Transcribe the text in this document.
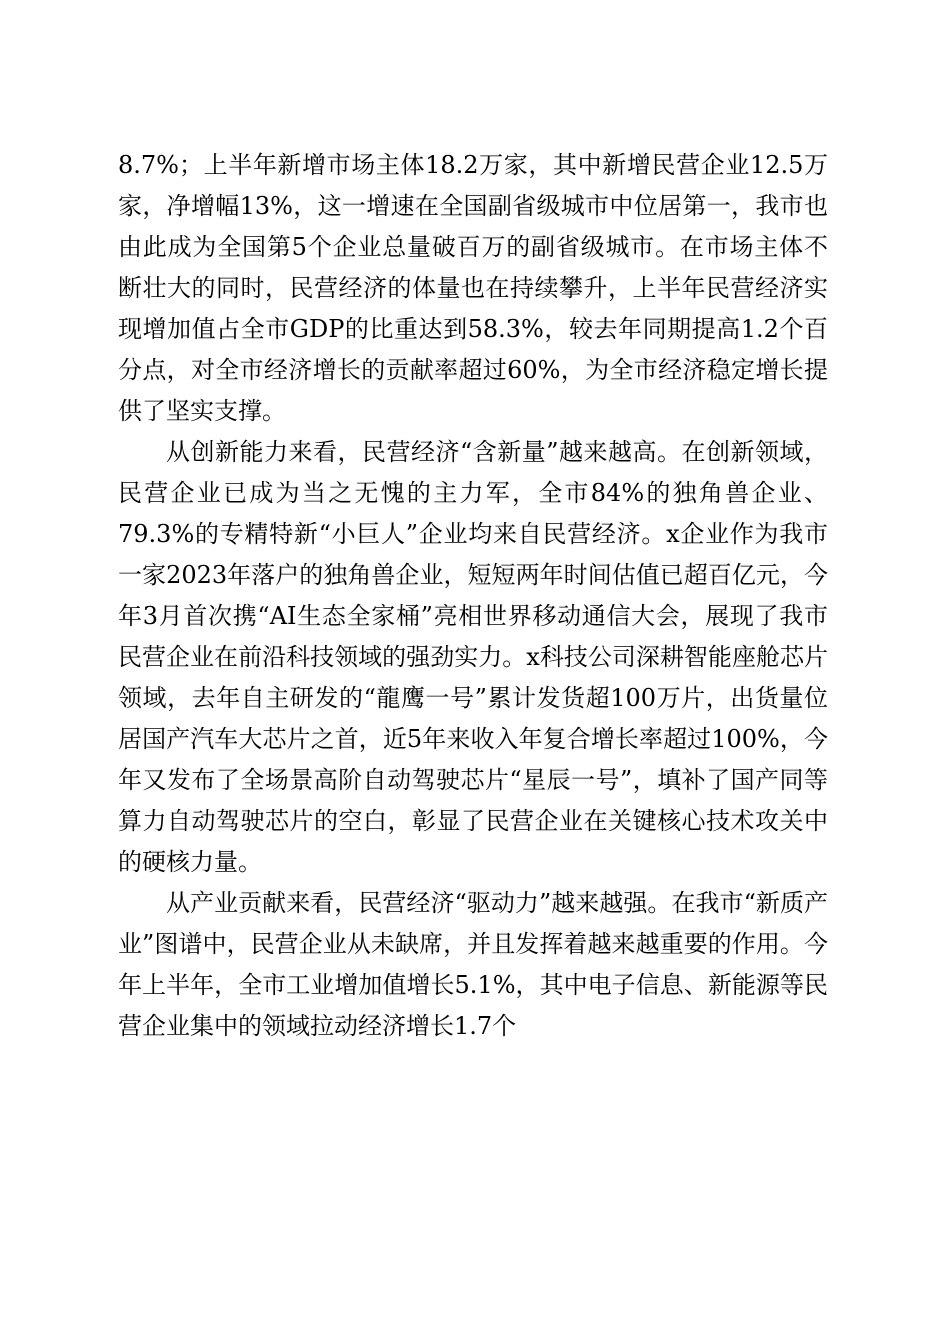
8.7%；上半年新增市场主体18.2万家，其中新增民营企业12.5万家，净增幅13%，这一增速在全国副省级城市中位居第一，我市也由此成为全国第5个企业总量破百万的副省级城市。在市场主体不断壮大的同时，民营经济的体量也在持续攀升，上半年民营经济实现增加值占全市GDP的比重达到58.3%，较去年同期提高1.2个百分点，对全市经济增长的贡献率超过60%，为全市经济稳定增长提供了坚实支撑。

从创新能力来看，民营经济“含新量”越来越高。在创新领域，民营企业已成为当之无愧的主力军，全市84%的独角兽企业、79.3%的专精特新“小巨人”企业均来自民营经济。x企业作为我市一家2023年落户的独角兽企业，短短两年时间估值已超百亿元，今年3月首次携“AI生态全家桶”亮相世界移动通信大会，展现了我市民营企业在前沿科技领域的强劲实力。x科技公司深耕智能座舱芯片领域，去年自主研发的“龍鹰一号”累计发货超100万片，出货量位居国产汽车大芯片之首，近5年来收入年复合增长率超过100%，今年又发布了全场景高阶自动驾驶芯片“星辰一号”，填补了国产同等算力自动驾驶芯片的空白，彰显了民营企业在关键核心技术攻关中的硬核力量。

从产业贡献来看，民营经济“驱动力”越来越强。在我市“新质产业”图谱中，民营企业从未缺席，并且发挥着越来越重要的作用。今年上半年，全市工业增加值增长5.1%，其中电子信息、新能源等民营企业集中的领域拉动经济增长1.7个
